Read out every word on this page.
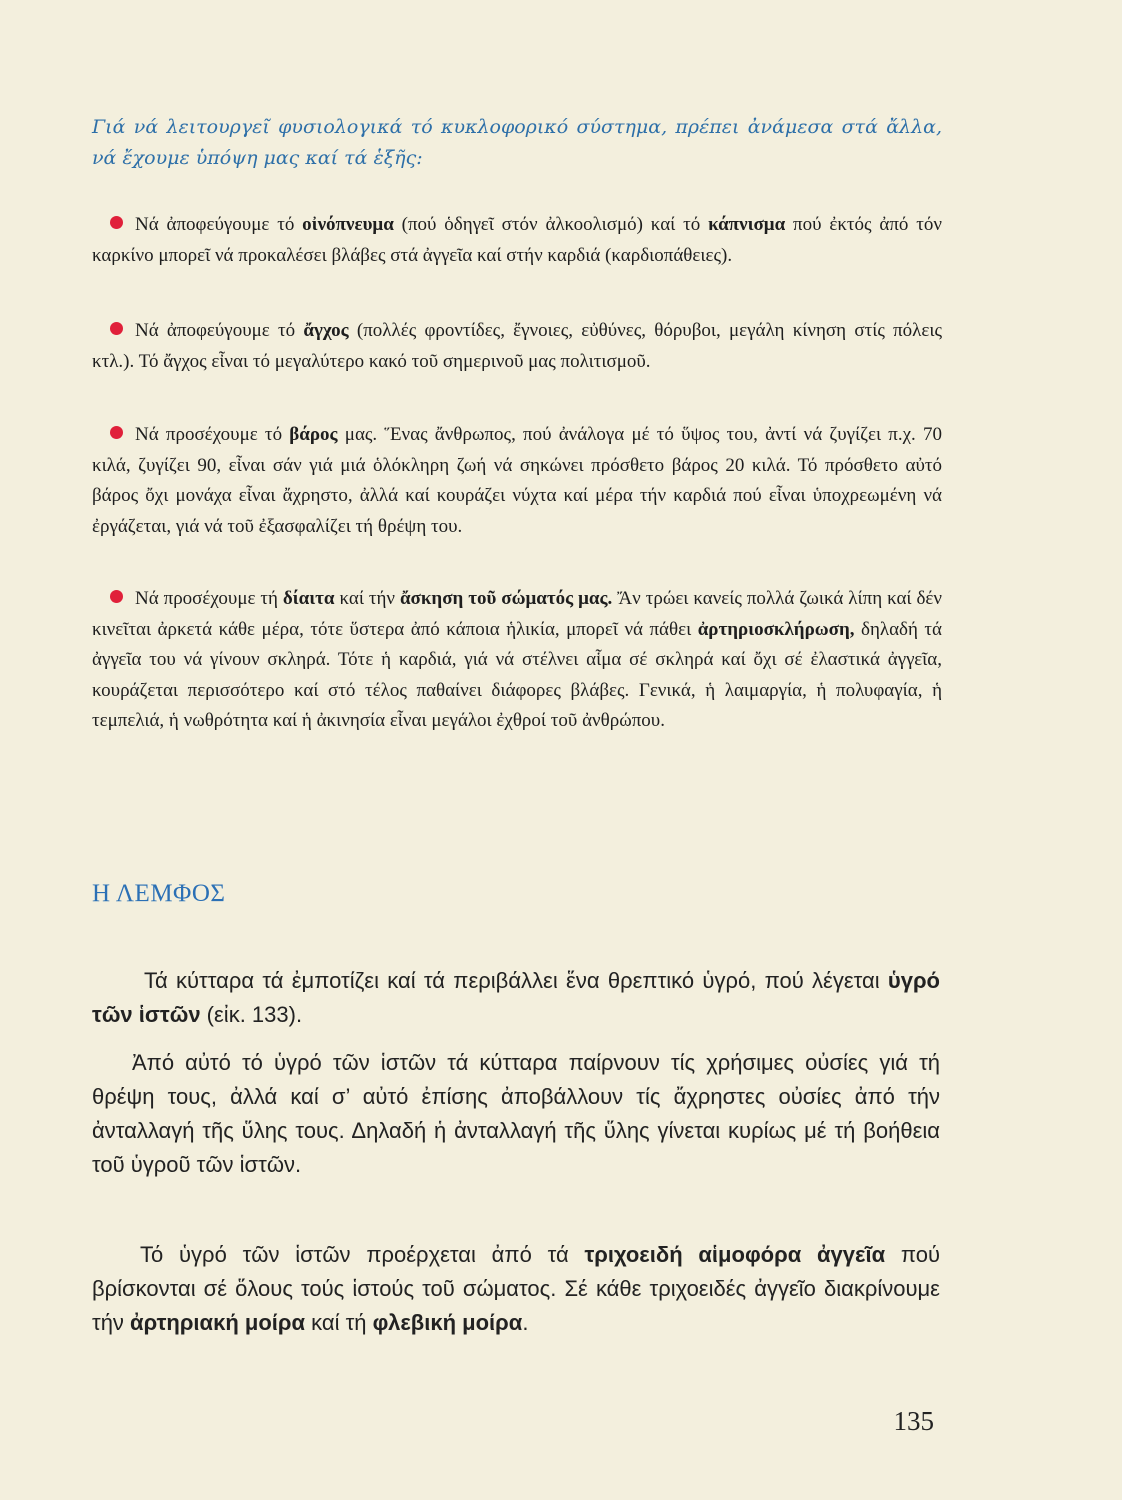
Γιά νά λειτουργεῖ φυσιολογικά τό κυκλοφορικό σύστημα, πρέπει ἀνάμεσα στά ἄλλα, νά ἔχουμε ὑπόψη μας καί τά ἑξῆς:
Νά ἀποφεύγουμε τό οἰνόπνευμα (πού ὁδηγεῖ στόν ἀλκοολισμό) καί τό κάπνισμα πού ἐκτός ἀπό τόν καρκίνο μπορεῖ νά προκαλέσει βλάβες στά ἀγγεῖα καί στήν καρδιά (καρδιοπάθειες).
Νά ἀποφεύγουμε τό ἄγχος (πολλές φροντίδες, ἔγνοιες, εὐθύνες, θόρυβοι, μεγάλη κίνηση στίς πόλεις κτλ.). Τό ἄγχος εἶναι τό μεγαλύτερο κακό τοῦ σημερινοῦ μας πολιτισμοῦ.
Νά προσέχουμε τό βάρος μας. Ἕνας ἄνθρωπος, πού ἀνάλογα μέ τό ὕψος του, ἀντί νά ζυγίζει π.χ. 70 κιλά, ζυγίζει 90, εἶναι σάν γιά μιά ὁλόκληρη ζωή νά σηκώνει πρόσθετο βάρος 20 κιλά. Τό πρόσθετο αὐτό βάρος ὄχι μονάχα εἶναι ἄχρηστο, ἀλλά καί κουράζει νύχτα καί μέρα τήν καρδιά πού εἶναι ὑποχρεωμένη νά ἐργάζεται, γιά νά τοῦ ἐξασφαλίζει τή θρέψη του.
Νά προσέχουμε τή δίαιτα καί τήν ἄσκηση τοῦ σώματός μας. Ἄν τρώει κανείς πολλά ζωικά λίπη καί δέν κινεῖται ἀρκετά κάθε μέρα, τότε ὕστερα ἀπό κάποια ἡλικία, μπορεῖ νά πάθει ἀρτηριοσκλήρωση, δηλαδή τά ἀγγεῖα του νά γίνουν σκληρά. Τότε ἡ καρδιά, γιά νά στέλνει αἷμα σέ σκληρά καί ὄχι σέ ἐλαστικά ἀγγεῖα, κουράζεται περισσότερο καί στό τέλος παθαίνει διάφορες βλάβες. Γενικά, ἡ λαιμαργία, ἡ πολυφαγία, ἡ τεμπελιά, ἡ νωθρότητα καί ἡ ἀκινησία εἶναι μεγάλοι ἐχθροί τοῦ ἀνθρώπου.
Η ΛΕΜΦΟΣ
Τά κύτταρα τά ἐμποτίζει καί τά περιβάλλει ἕνα θρεπτικό ὑγρό, πού λέγεται ὑγρό τῶν ἱστῶν (εἰκ. 133).
Ἀπό αὐτό τό ὑγρό τῶν ἱστῶν τά κύτταρα παίρνουν τίς χρήσιμες οὐσίες γιά τή θρέψη τους, ἀλλά καί σ’ αὐτό ἐπίσης ἀποβάλλουν τίς ἄχρηστες οὐσίες ἀπό τήν ἀνταλλαγή τῆς ὕλης τους. Δηλαδή ἡ ἀνταλλαγή τῆς ὕλης γίνεται κυρίως μέ τή βοήθεια τοῦ ὑγροῦ τῶν ἱστῶν.
Τό ὑγρό τῶν ἱστῶν προέρχεται ἀπό τά τριχοειδή αἱμοφόρα ἀγγεῖα πού βρίσκονται σέ ὅλους τούς ἱστούς τοῦ σώματος. Σέ κάθε τριχοειδές ἀγγεῖο διακρίνουμε τήν ἀρτηριακή μοίρα καί τή φλεβική μοίρα.
135
